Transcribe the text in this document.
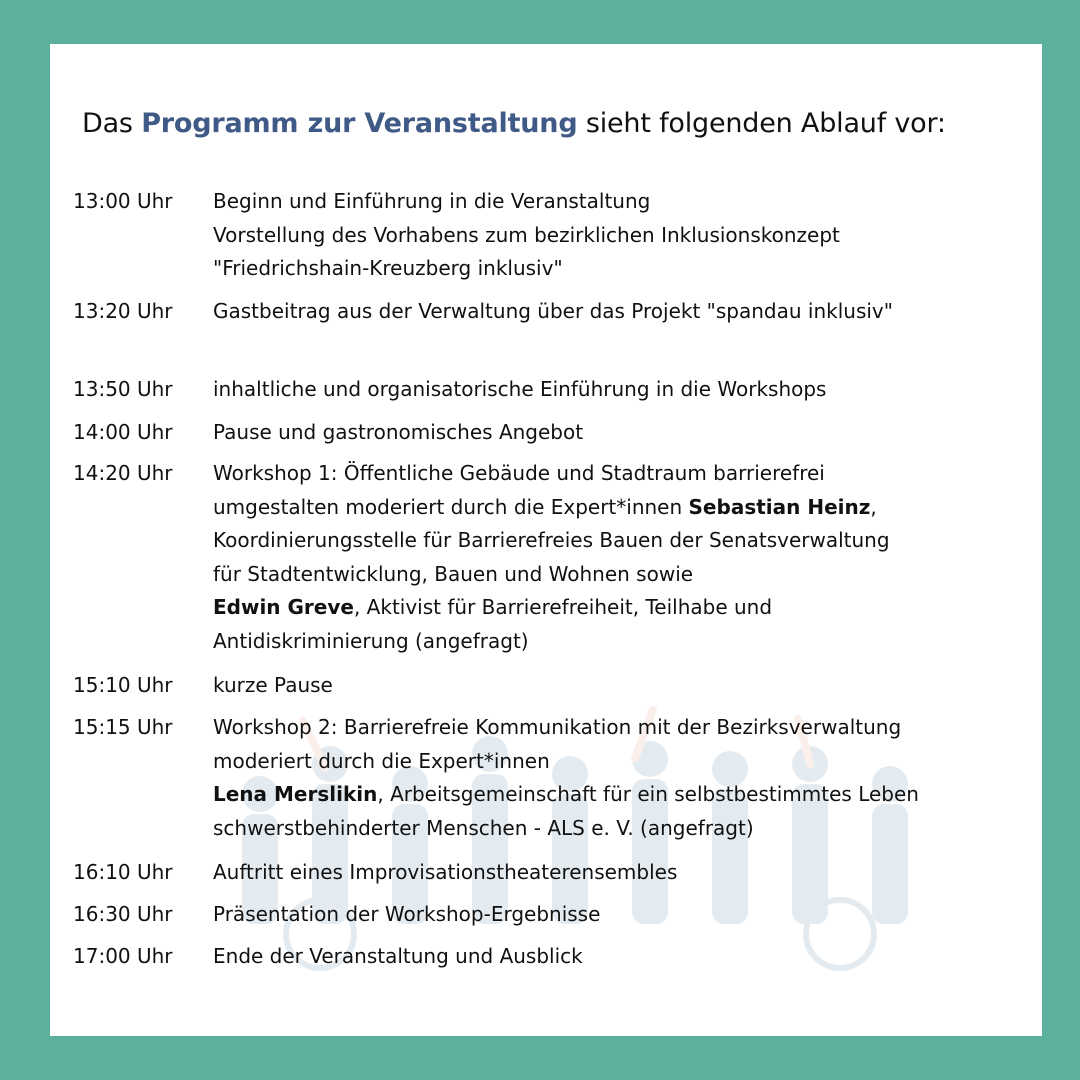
Das Programm zur Veranstaltung sieht folgenden Ablauf vor:
13:00 Uhr Beginn und Einführung in die Veranstaltung
Vorstellung des Vorhabens zum bezirklichen Inklusionskonzept
"Friedrichshain-Kreuzberg inklusiv"
13:20 Uhr Gastbeitrag aus der Verwaltung über das Projekt "spandau inklusiv"
13:50 Uhr inhaltliche und organisatorische Einführung in die Workshops
14:00 Uhr Pause und gastronomisches Angebot
14:20 Uhr Workshop 1: Öffentliche Gebäude und Stadtraum barrierefrei
umgestalten moderiert durch die Expert*innen Sebastian Heinz,
Koordinierungsstelle für Barrierefreies Bauen der Senatsverwaltung
für Stadtentwicklung, Bauen und Wohnen sowie
Edwin Greve, Aktivist für Barrierefreiheit, Teilhabe und
Antidiskriminierung (angefragt)
15:10 Uhr kurze Pause
15:15 Uhr Workshop 2: Barrierefreie Kommunikation mit der Bezirksverwaltung
moderiert durch die Expert*innen
Lena Merslikin, Arbeitsgemeinschaft für ein selbstbestimmtes Leben
schwerstbehinderter Menschen - ALS e. V. (angefragt)
16:10 Uhr Auftritt eines Improvisationstheaterensembles
16:30 Uhr Präsentation der Workshop-Ergebnisse
17:00 Uhr Ende der Veranstaltung und Ausblick
